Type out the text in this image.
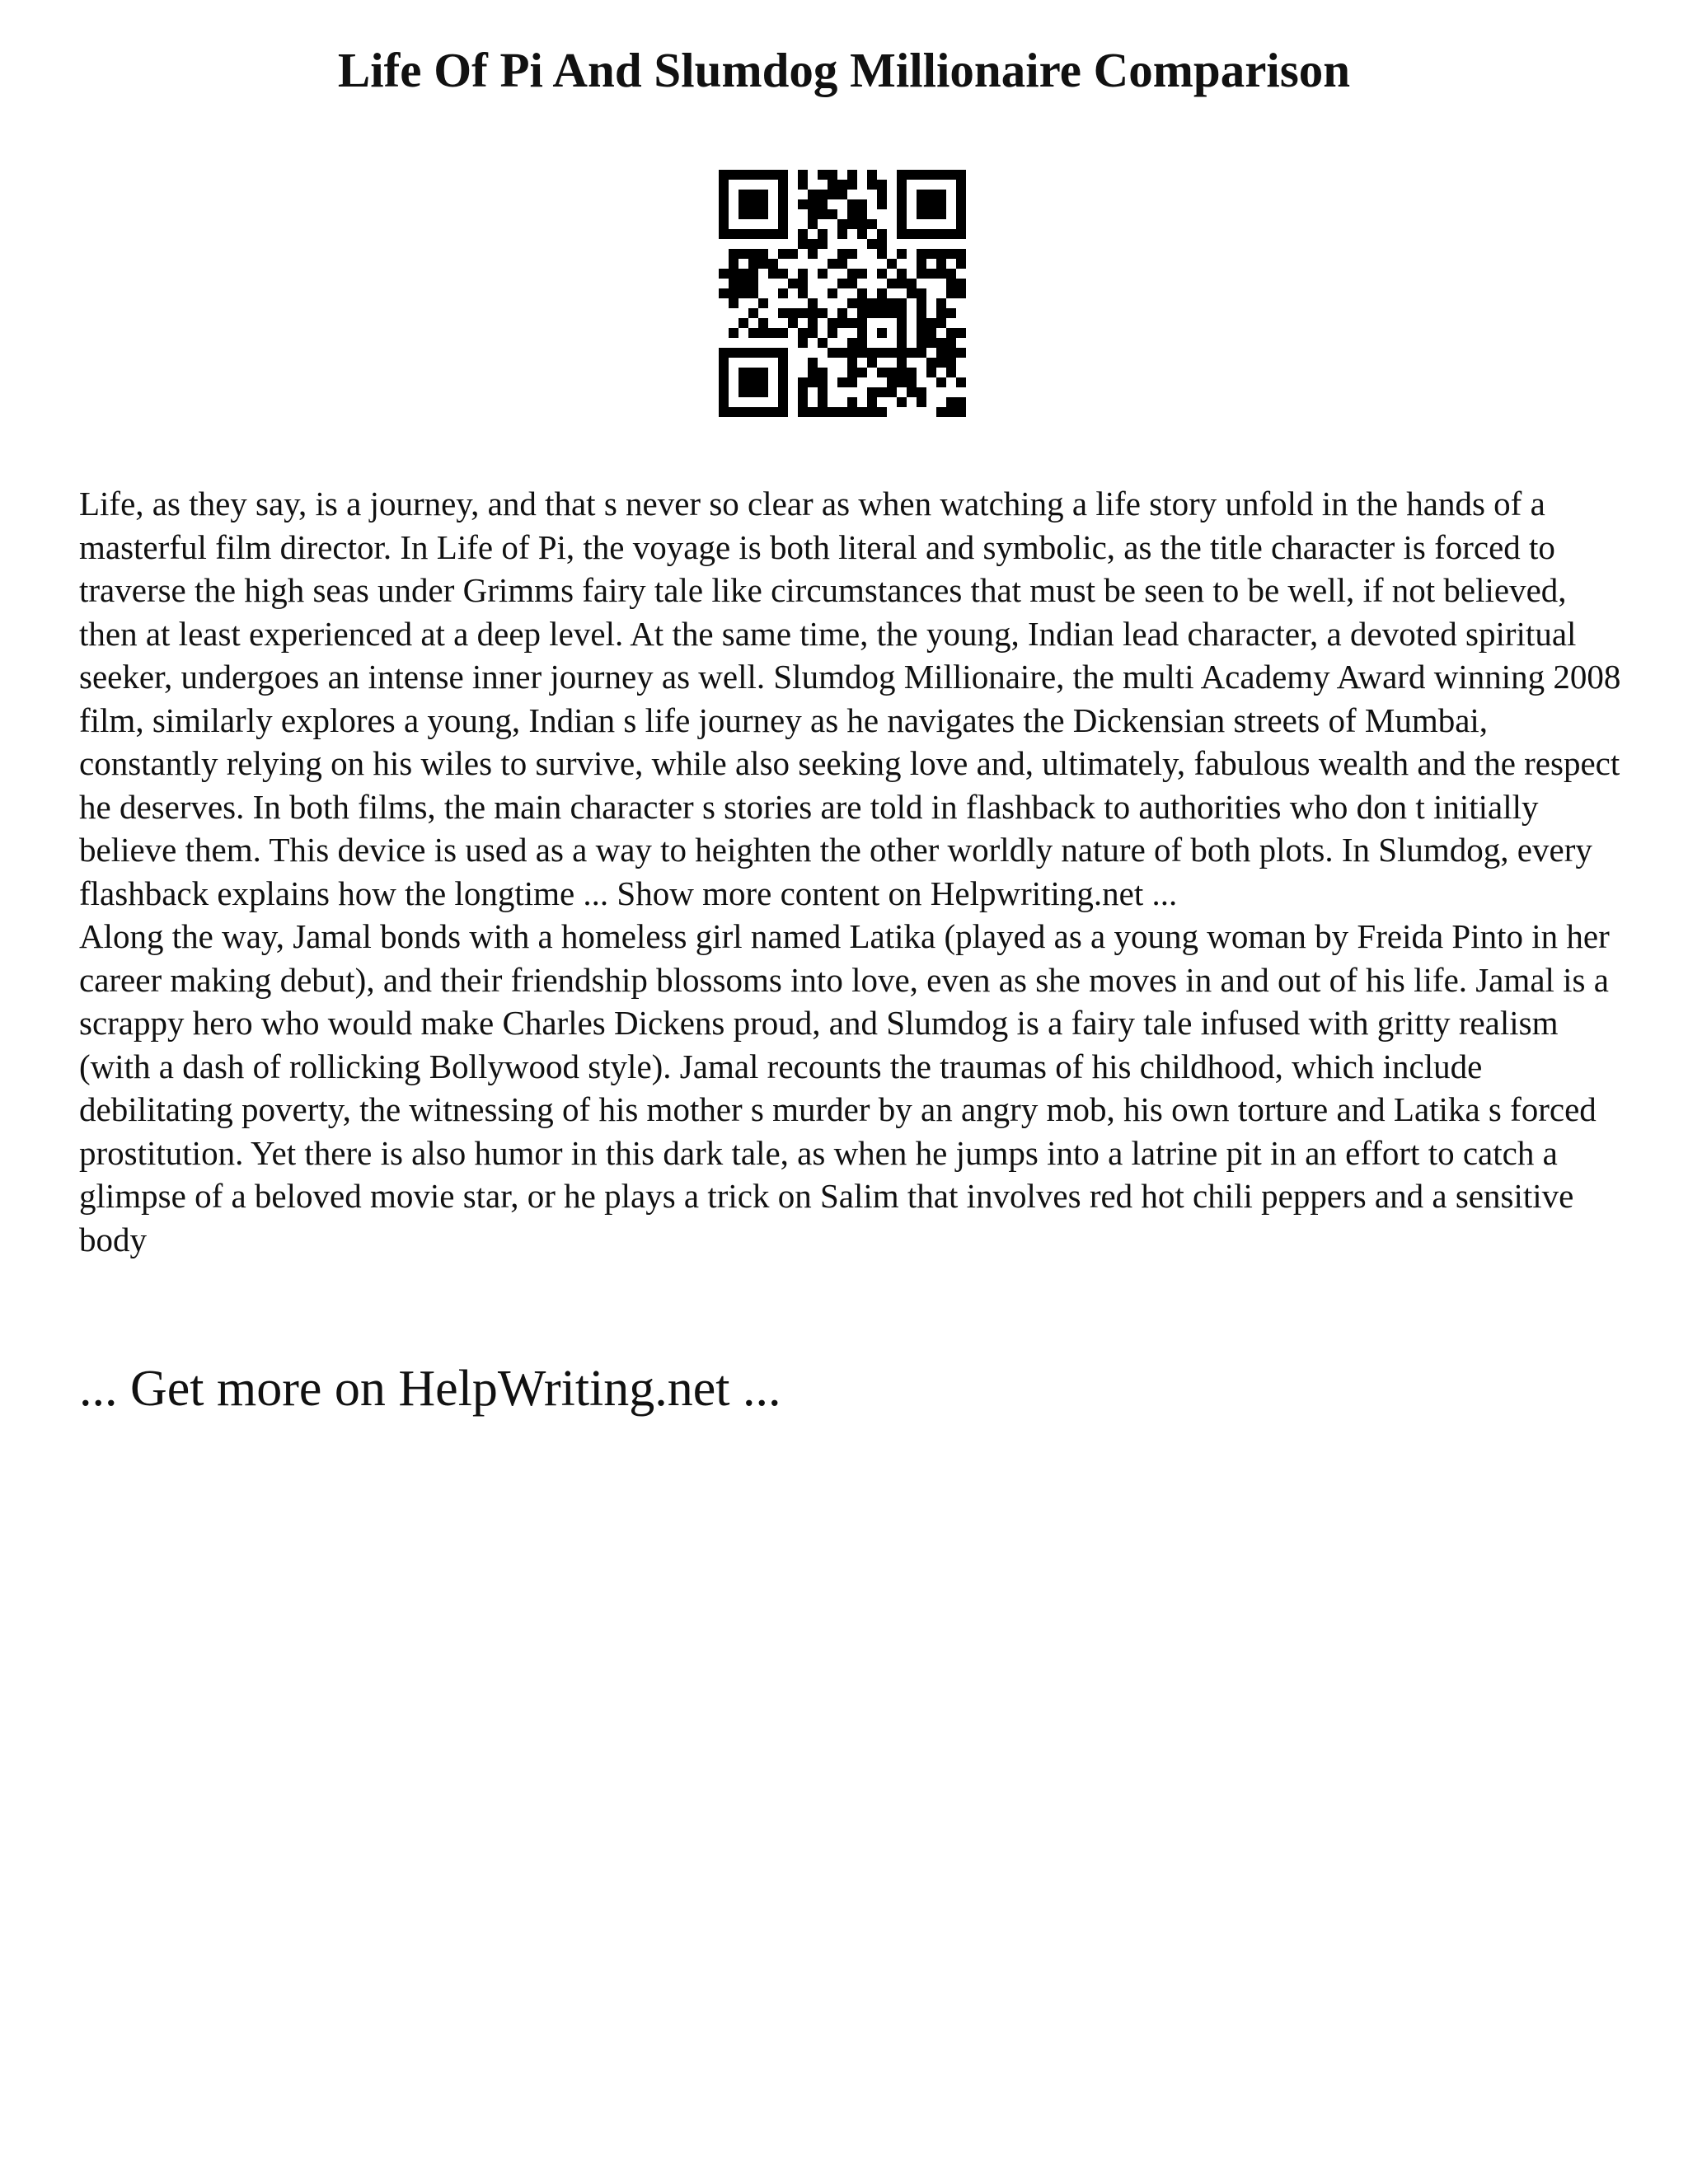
Life Of Pi And Slumdog Millionaire Comparison

Life, as they say, is a journey, and that s never so clear as when watching a life story unfold in the hands of a masterful film director. In Life of Pi, the voyage is both literal and symbolic, as the title character is forced to traverse the high seas under Grimms fairy tale like circumstances that must be seen to be well, if not believed, then at least experienced at a deep level. At the same time, the young, Indian lead character, a devoted spiritual seeker, undergoes an intense inner journey as well. Slumdog Millionaire, the multi Academy Award winning 2008 film, similarly explores a young, Indian s life journey as he navigates the Dickensian streets of Mumbai, constantly relying on his wiles to survive, while also seeking love and, ultimately, fabulous wealth and the respect he deserves. In both films, the main character s stories are told in flashback to authorities who don t initially believe them. This device is used as a way to heighten the other worldly nature of both plots. In Slumdog, every flashback explains how the longtime ... Show more content on Helpwriting.net ...

Along the way, Jamal bonds with a homeless girl named Latika (played as a young woman by Freida Pinto in her career making debut), and their friendship blossoms into love, even as she moves in and out of his life. Jamal is a scrappy hero who would make Charles Dickens proud, and Slumdog is a fairy tale infused with gritty realism (with a dash of rollicking Bollywood style). Jamal recounts the traumas of his childhood, which include debilitating poverty, the witnessing of his mother s murder by an angry mob, his own torture and Latika s forced prostitution. Yet there is also humor in this dark tale, as when he jumps into a latrine pit in an effort to catch a glimpse of a beloved movie star, or he plays a trick on Salim that involves red hot chili peppers and a sensitive body

... Get more on HelpWriting.net ...
